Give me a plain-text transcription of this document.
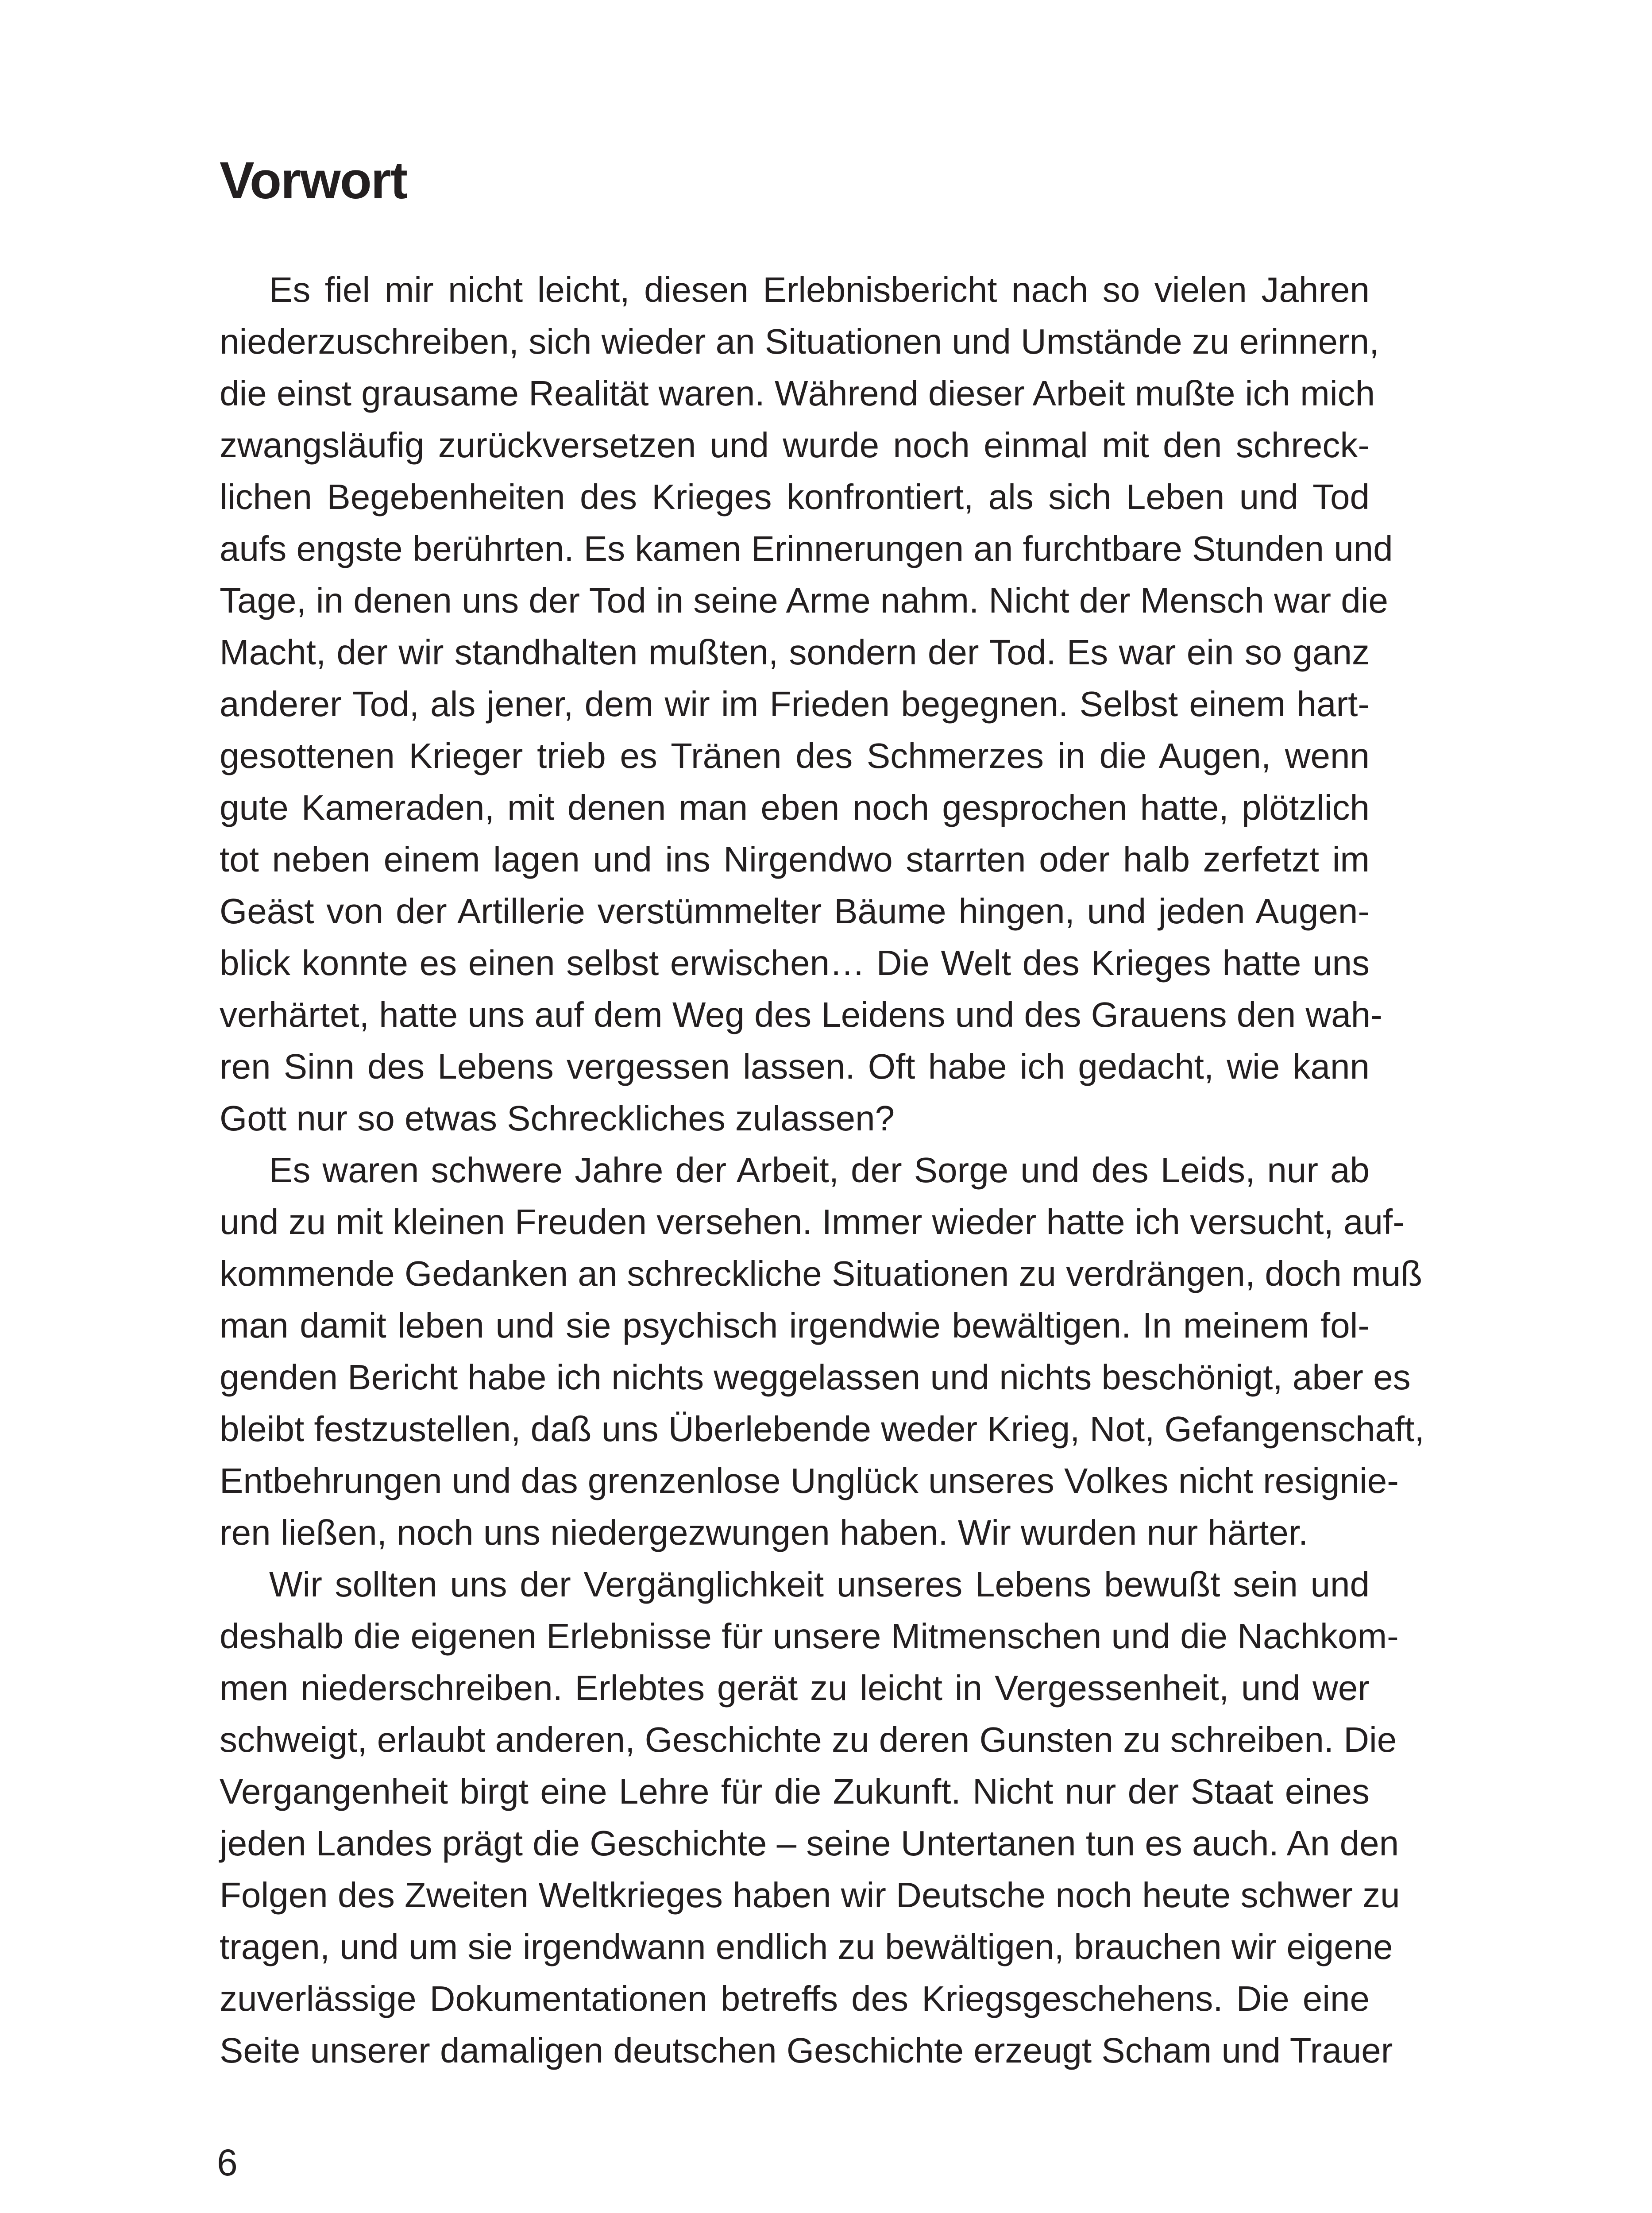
Vorwort
Es fiel mir nicht leicht, diesen Erlebnisbericht nach so vielen Jahren
niederzuschreiben, sich wieder an Situationen und Umstände zu erinnern,
die einst grausame Realität waren. Während dieser Arbeit mußte ich mich
zwangsläufig zurückversetzen und wurde noch einmal mit den schreck-
lichen Begebenheiten des Krieges konfrontiert, als sich Leben und Tod
aufs engste berührten. Es kamen Erinnerungen an furchtbare Stunden und
Tage, in denen uns der Tod in seine Arme nahm. Nicht der Mensch war die
Macht, der wir standhalten mußten, sondern der Tod. Es war ein so ganz
anderer Tod, als jener, dem wir im Frieden begegnen. Selbst einem hart-
gesottenen Krieger trieb es Tränen des Schmerzes in die Augen, wenn
gute Kameraden, mit denen man eben noch gesprochen hatte, plötzlich
tot neben einem lagen und ins Nirgendwo starrten oder halb zerfetzt im
Geäst von der Artillerie verstümmelter Bäume hingen, und jeden Augen-
blick konnte es einen selbst erwischen… Die Welt des Krieges hatte uns
verhärtet, hatte uns auf dem Weg des Leidens und des Grauens den wah-
ren Sinn des Lebens vergessen lassen. Oft habe ich gedacht, wie kann
Gott nur so etwas Schreckliches zulassen?
Es waren schwere Jahre der Arbeit, der Sorge und des Leids, nur ab
und zu mit kleinen Freuden versehen. Immer wieder hatte ich versucht, auf-
kommende Gedanken an schreckliche Situationen zu verdrängen, doch muß
man damit leben und sie psychisch irgendwie bewältigen. In meinem fol-
genden Bericht habe ich nichts weggelassen und nichts beschönigt, aber es
bleibt festzustellen, daß uns Überlebende weder Krieg, Not, Gefangenschaft,
Entbehrungen und das grenzenlose Unglück unseres Volkes nicht resignie-
ren ließen, noch uns niedergezwungen haben. Wir wurden nur härter.
Wir sollten uns der Vergänglichkeit unseres Lebens bewußt sein und
deshalb die eigenen Erlebnisse für unsere Mitmenschen und die Nachkom-
men niederschreiben. Erlebtes gerät zu leicht in Vergessenheit, und wer
schweigt, erlaubt anderen, Geschichte zu deren Gunsten zu schreiben. Die
Vergangenheit birgt eine Lehre für die Zukunft. Nicht nur der Staat eines
jeden Landes prägt die Geschichte – seine Untertanen tun es auch. An den
Folgen des Zweiten Weltkrieges haben wir Deutsche noch heute schwer zu
tragen, und um sie irgendwann endlich zu bewältigen, brauchen wir eigene
zuverlässige Dokumentationen betreffs des Kriegsgeschehens. Die eine
Seite unserer damaligen deutschen Geschichte erzeugt Scham und Trauer
6
